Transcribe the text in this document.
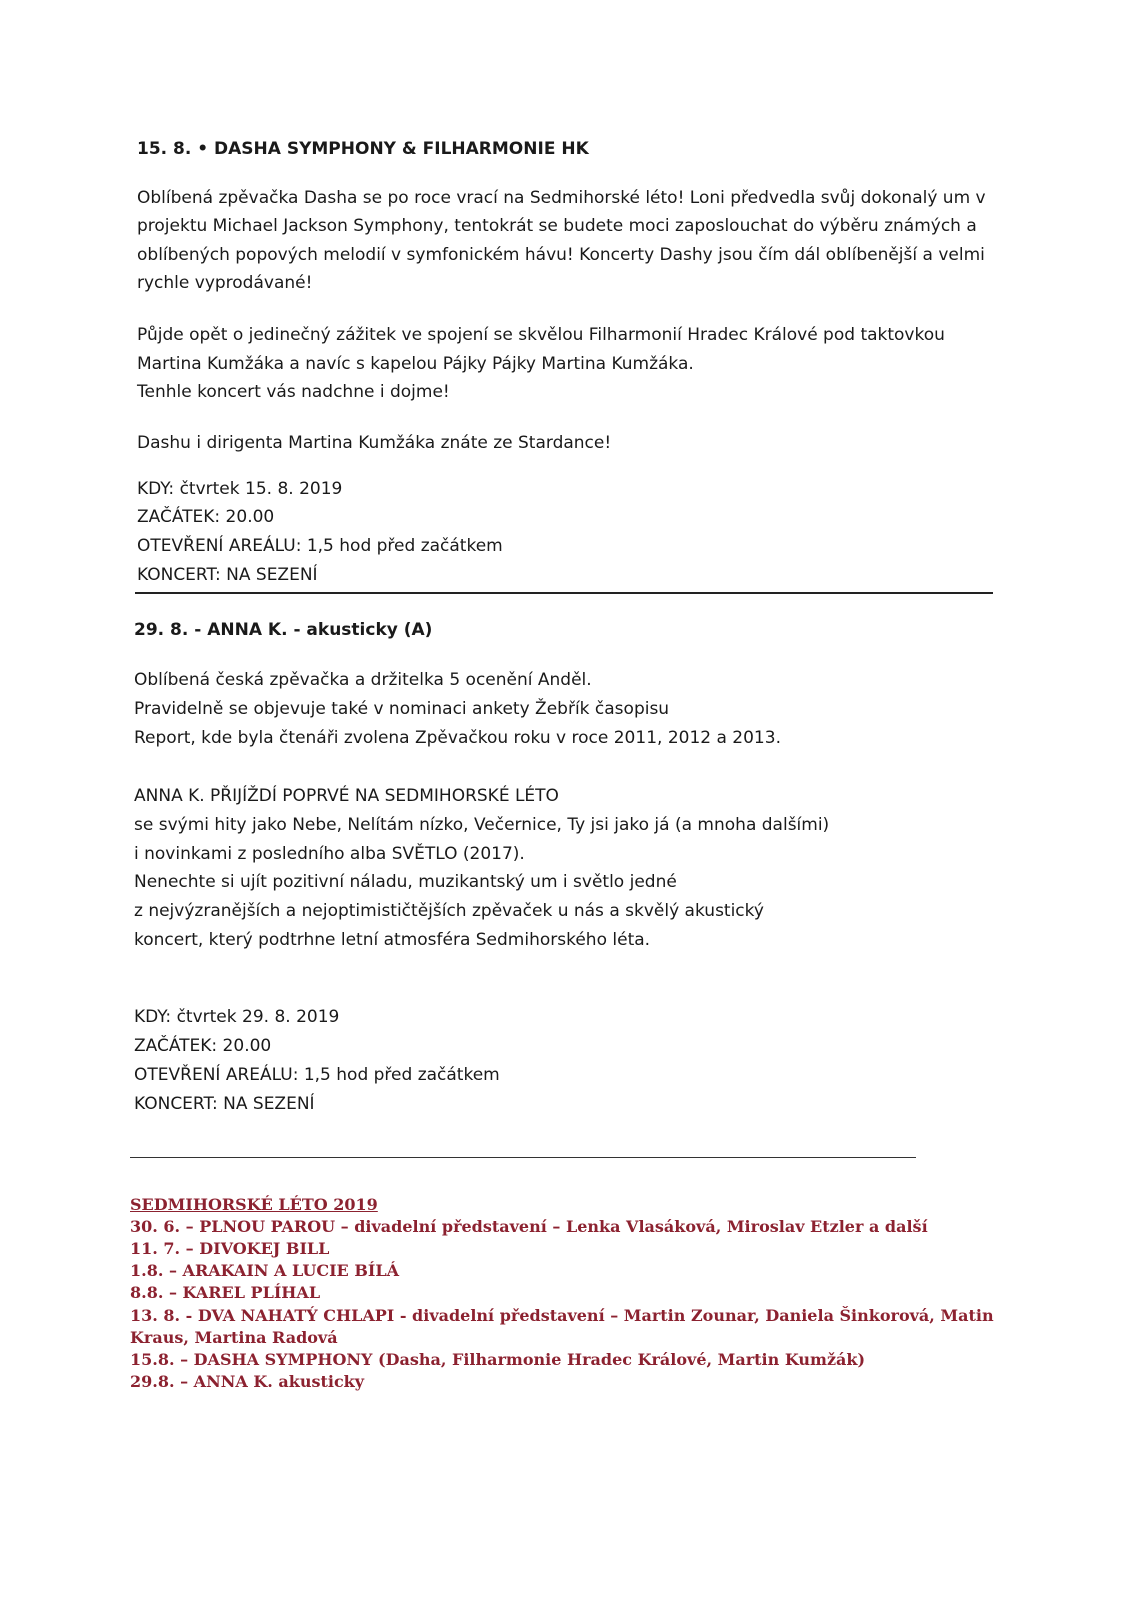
15. 8. • DASHA SYMPHONY & FILHARMONIE HK
Oblíbená zpěvačka Dasha se po roce vrací na Sedmihorské léto! Loni předvedla svůj dokonalý um v
projektu Michael Jackson Symphony, tentokrát se budete moci zaposlouchat do výběru známých a
oblíbených popových melodií v symfonickém hávu! Koncerty Dashy jsou čím dál oblíbenější a velmi
rychle vyprodávané!
Půjde opět o jedinečný zážitek ve spojení se skvělou Filharmonií Hradec Králové pod taktovkou
Martina Kumžáka a navíc s kapelou Pájky Pájky Martina Kumžáka.
Tenhle koncert vás nadchne i dojme!
Dashu i dirigenta Martina Kumžáka znáte ze Stardance!
KDY: čtvrtek 15. 8. 2019
ZAČÁTEK: 20.00
OTEVŘENÍ AREÁLU: 1,5 hod před začátkem
KONCERT: NA SEZENÍ
29. 8. - ANNA K. - akusticky (A)
Oblíbená česká zpěvačka a držitelka 5 ocenění Anděl.
Pravidelně se objevuje také v nominaci ankety Žebřík časopisu
Report, kde byla čtenáři zvolena Zpěvačkou roku v roce 2011, 2012 a 2013.
ANNA K. PŘIJÍŽDÍ POPRVÉ NA SEDMIHORSKÉ LÉTO
se svými hity jako Nebe, Nelítám nízko, Večernice, Ty jsi jako já (a mnoha dalšími)
i novinkami z posledního alba SVĚTLO (2017).
Nenechte si ujít pozitivní náladu, muzikantský um i světlo jedné
z nejvýzranějších a nejoptimističtějších zpěvaček u nás a skvělý akustický
koncert, který podtrhne letní atmosféra Sedmihorského léta.
KDY: čtvrtek 29. 8. 2019
ZAČÁTEK: 20.00
OTEVŘENÍ AREÁLU: 1,5 hod před začátkem
KONCERT: NA SEZENÍ
SEDMIHORSKÉ LÉTO 2019
30. 6. – PLNOU PAROU – divadelní představení – Lenka Vlasáková, Miroslav Etzler a další
11. 7. – DIVOKEJ BILL
1.8. – ARAKAIN A LUCIE BÍLÁ
8.8. – KAREL PLÍHAL
13. 8. - DVA NAHATÝ CHLAPI - divadelní představení – Martin Zounar, Daniela Šinkorová, Matin
Kraus, Martina Radová
15.8. – DASHA SYMPHONY (Dasha, Filharmonie Hradec Králové, Martin Kumžák)
29.8. – ANNA K. akusticky
